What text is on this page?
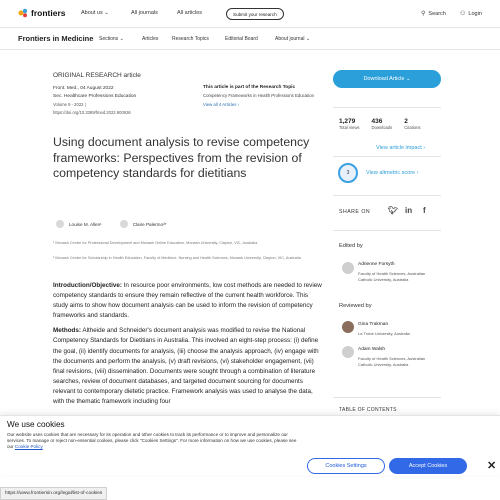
frontiers	About us ⌄	All journals	All articles	Submit your research	⚲ Search ⚇ Login
Frontiers in Medicine Sections ⌄	Articles	Research Topics	Editorial Board	About journal ⌄
ORIGINAL RESEARCH article
Front. Med., 04 August 2022
Sec. Healthcare Professions Education
Volume 9 - 2022 |
https://doi.org/10.3389/fmed.2022.900636
This article is part of the Research Topic
Competency Frameworks in Health Professions Education
View all 4 Articles ›
Using document analysis to revise competency frameworks: Perspectives from the revision of competency standards for dietitians
Louise M. Allen¹	Claire Palermo²*
¹ Monash Centre for Professional Development and Monash Online Education, Monash University, Clayton, VIC, Australia
² Monash Centre for Scholarship in Health Education, Faculty of Medicine, Nursing and Health Sciences, Monash University, Clayton, VIC, Australia

Introduction/Objective: In resource poor environments, low cost methods are needed to review competency standards to ensure they remain reflective of the current health workforce. This study aims to show how document analysis can be used to inform the revision of competency frameworks and standards.

Methods: Altheide and Schneider's document analysis was modified to revise the National Competency Standards for Dietitians in Australia. This involved an eight-step process: (i) define the goal, (ii) identify documents for analysis, (iii) choose the analysis approach, (iv) engage with the documents and perform the analysis, (v) draft revisions, (vi) stakeholder engagement, (vii) final revisions, (viii) dissemination. Documents were sought through a combination of literature searches, review of document databases, and targeted document sourcing for documents relevant to contemporary dietetic practice. Framework analysis was used to analyse the data, with the thematic framework including four

Download Article ⌄
1,279
Total views
436
Downloads
2
Citations
View article impact ›
3	View altmetric score ›
SHARE ON 🐦︎ in f
Edited by
Adrienne Forsyth
Faculty of Health Sciences, Australian Catholic University, Australia
Reviewed by
Gina Trakman
La Trobe University, Australia
Adam Walsh
Faculty of Health Sciences, Australian Catholic University, Australia
TABLE OF CONTENTS
We use cookies
Our website uses cookies that are necessary for its operation and other cookies to track its performance or to improve and personalize our services. To manage or reject non-essential cookies, please click "Cookies Settings". For more information on how we use cookies, please see our Cookie Policy
Cookies Settings	Accept Cookies	✕
https://www.frontiersin.org/legal/list-of-cookies
